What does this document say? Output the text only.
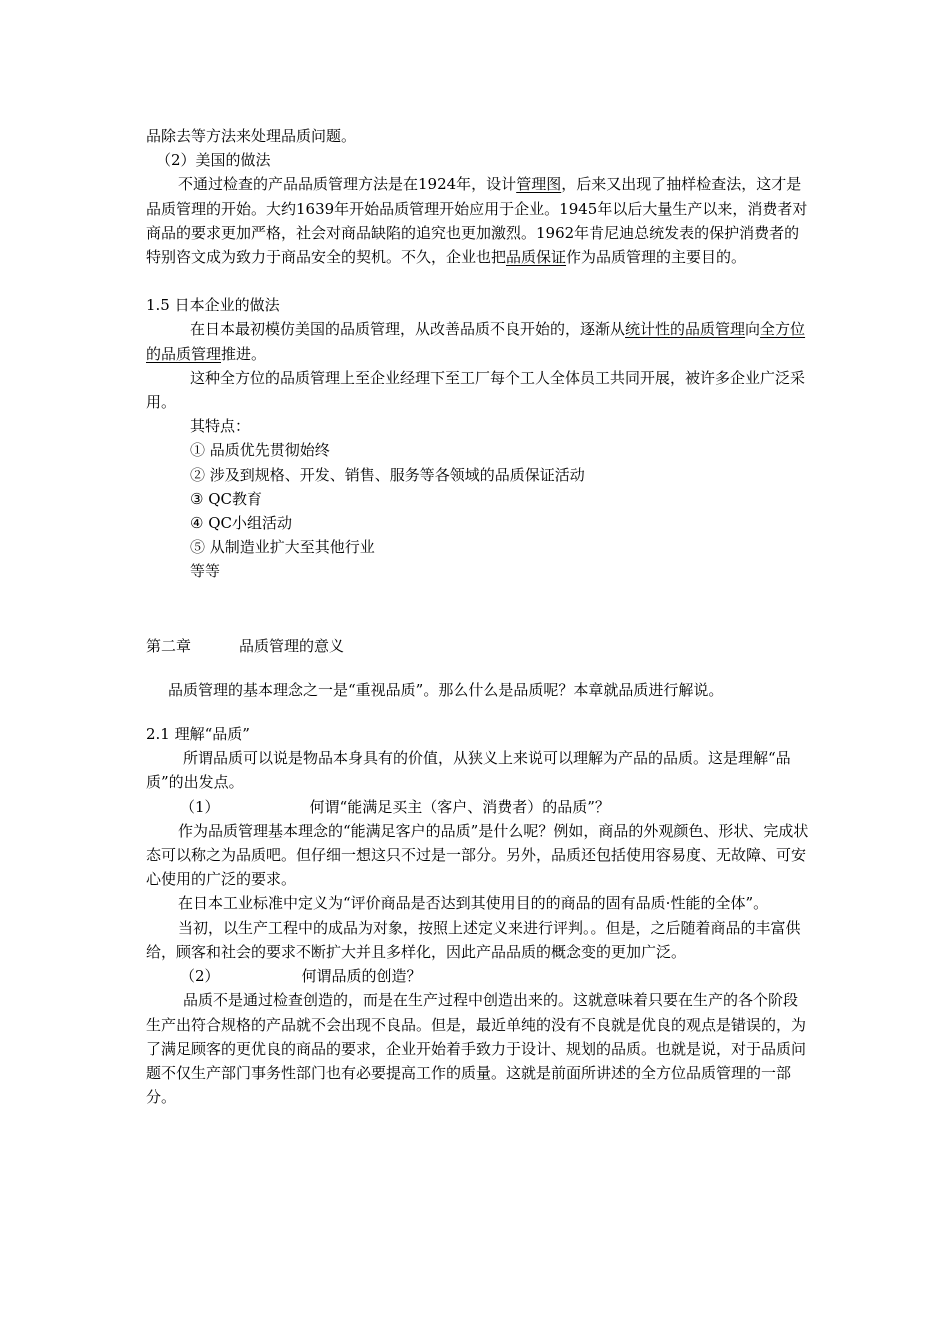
品除去等方法来处理品质问题。

（2）美国的做法

不通过检查的产品品质管理方法是在1924年，设计管理图，后来又出现了抽样检查法，这才是品质管理的开始。大约1639年开始品质管理开始应用于企业。1945年以后大量生产以来，消费者对商品的要求更加严格，社会对商品缺陷的追究也更加激烈。1962年肯尼迪总统发表的保护消费者的特别咨文成为致力于商品安全的契机。不久，企业也把品质保证作为品质管理的主要目的。

1.5 日本企业的做法

在日本最初模仿美国的品质管理，从改善品质不良开始的，逐渐从统计性的品质管理向全方位的品质管理推进。

这种全方位的品质管理上至企业经理下至工厂每个工人全体员工共同开展，被许多企业广泛采用。

其特点：

① 品质优先贯彻始终

② 涉及到规格、开发、销售、服务等各领域的品质保证活动

③ QC教育

④ QC小组活动

⑤ 从制造业扩大至其他行业

等等

第二章	品质管理的意义

品质管理的基本理念之一是“重视品质”。那么什么是品质呢？本章就品质进行解说。

2.1 理解“品质”

所谓品质可以说是物品本身具有的价值，从狭义上来说可以理解为产品的品质。这是理解“品质”的出发点。

（1）	何谓“能满足买主（客户、消费者）的品质”？

作为品质管理基本理念的“能满足客户的品质”是什么呢？例如，商品的外观颜色、形状、完成状态可以称之为品质吧。但仔细一想这只不过是一部分。另外，品质还包括使用容易度、无故障、可安心使用的广泛的要求。

在日本工业标准中定义为“评价商品是否达到其使用目的的商品的固有品质·性能的全体”。

当初，以生产工程中的成品为对象，按照上述定义来进行评判。。但是，之后随着商品的丰富供给，顾客和社会的要求不断扩大并且多样化，因此产品品质的概念变的更加广泛。

（2）	何谓品质的创造？

品质不是通过检查创造的，而是在生产过程中创造出来的。这就意味着只要在生产的各个阶段生产出符合规格的产品就不会出现不良品。但是，最近单纯的没有不良就是优良的观点是错误的，为了满足顾客的更优良的商品的要求，企业开始着手致力于设计、规划的品质。也就是说，对于品质问题不仅生产部门事务性部门也有必要提高工作的质量。这就是前面所讲述的全方位品质管理的一部分。
